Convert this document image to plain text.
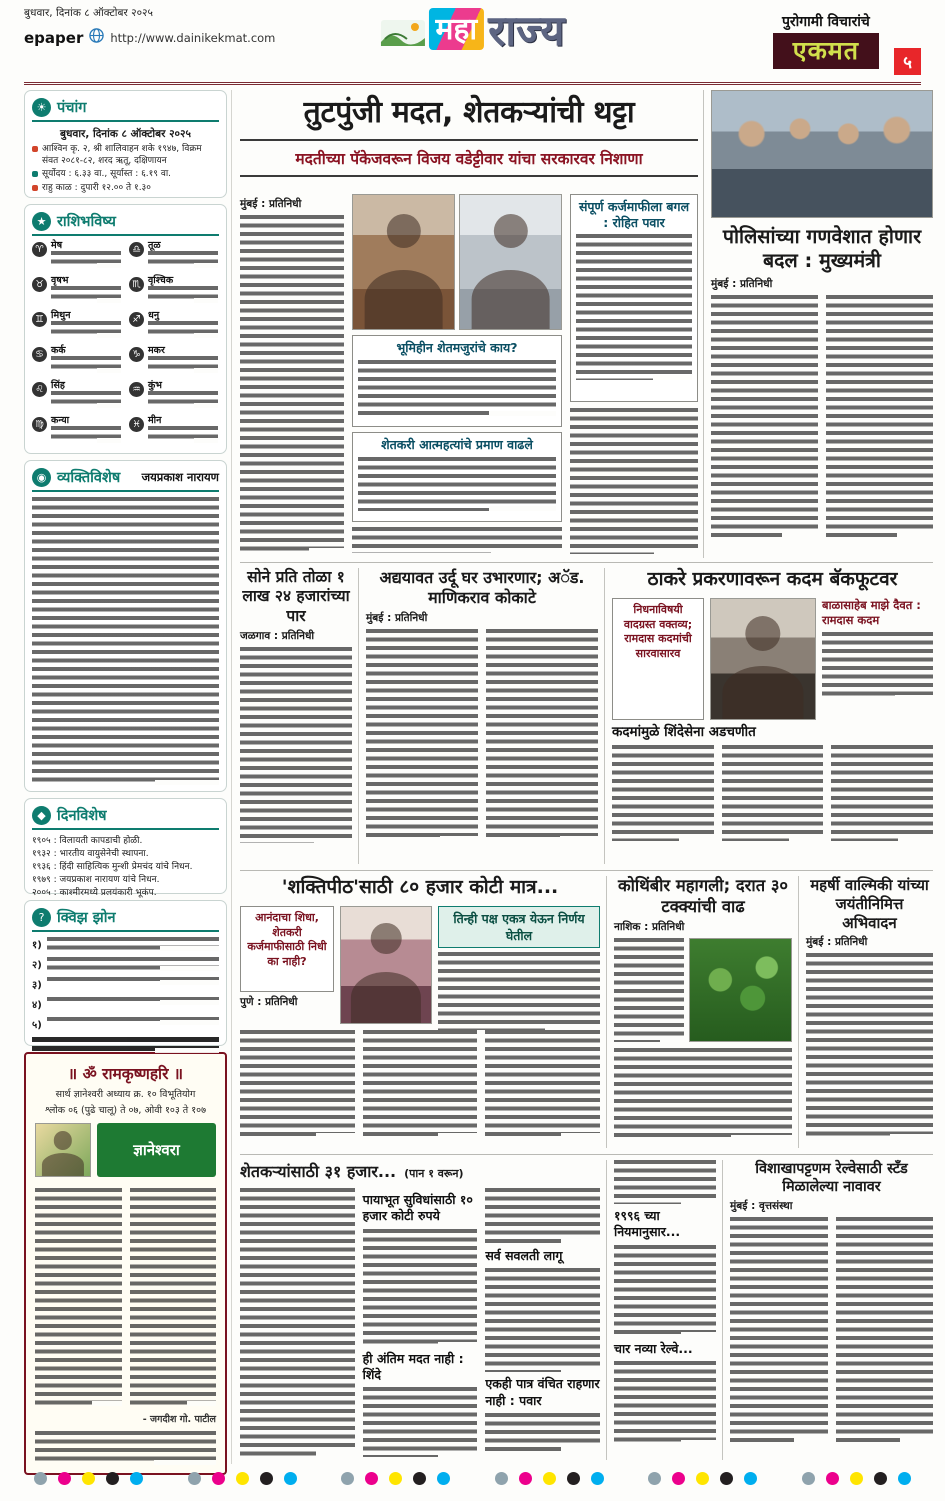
बुधवार, दिनांक ८ ऑक्टोबर २०२५
epaper http://www.dainikekmat.com	महा राज्य	पुरोगामी विचारांचे
एकमत	५
☀ पंचांग
बुधवार, दिनांक ८ ऑक्टोबर २०२५
आश्विन कृ. २, श्री शालिवाहन शके १९४७, विक्रम संवत २०८१-८२, शरद ऋतू, दक्षिणायन
सूर्योदय : ६.३३ वा., सूर्यास्त : ६.१९ वा.
राहु काळ : दुपारी १२.०० ते १.३०
★ राशिभविष्य
♈ मेष
♉ वृषभ
♊ मिथुन
♋ कर्क
♌ सिंह
♍ कन्या
♎ तूळ
♏ वृश्चिक
♐ धनु
♑ मकर
♒ कुंभ
♓ मीन
◉ व्यक्तिविशेष जयप्रकाश नारायण
◆ दिनविशेष
१९०५ : विलायती कापडाची होळी.
१९३२ : भारतीय वायुसेनेची स्थापना.
१९३६ : हिंदी साहित्यिक मुन्शी प्रेमचंद यांचे निधन.
१९७९ : जयप्रकाश नारायण यांचे निधन.
२००५ : काश्मीरमध्ये प्रलयंकारी भूकंप.
? क्विझ झोन
१)
२)
३)
४)
५)
॥ ॐ रामकृष्णहरि ॥
सार्थ ज्ञानेश्वरी अध्याय क्र. १० विभूतियोग
श्लोक ०६ (पुढे चालू) ते ०७, ओवी १०३ ते १०७
ज्ञानेश्वरा
- जगदीश गो. पाटील
तुटपुंजी मदत, शेतकऱ्यांची थट्टा
मदतीच्या पॅकेजवरून विजय वडेट्टीवार यांचा सरकारवर निशाणा
मुंबई : प्रतिनिधी
भूमिहीन शेतमजुरांचे काय?
शेतकरी आत्महत्यांचे प्रमाण वाढले
संपूर्ण कर्जमाफीला बगल : रोहित पवार
पोलिसांच्या गणवेशात होणार बदल : मुख्यमंत्री
मुंबई : प्रतिनिधी
सोने प्रति तोळा १ लाख २४ हजारांच्या पार
जळगाव : प्रतिनिधी
अद्ययावत उर्दू घर उभारणार; अॅड. माणिकराव कोकाटे
मुंबई : प्रतिनिधी
ठाकरे प्रकरणावरून कदम बॅकफूटवर
निधनाविषयी वादग्रस्त वक्तव्य; रामदास कदमांची सारवासारव
बाळासाहेब माझे दैवत : रामदास कदम
कदमांमुळे शिंदेसेना अडचणीत
'शक्तिपीठ'साठी ८० हजार कोटी मात्र...
आनंदाचा शिधा, शेतकरी कर्जमाफीसाठी निधी का नाही?
पुणे : प्रतिनिधी
तिन्ही पक्ष एकत्र येऊन निर्णय घेतील
कोथिंबीर महागली; दरात ३० टक्क्यांची वाढ
नाशिक : प्रतिनिधी
महर्षी वाल्मिकी यांच्या जयंतीनिमित्त अभिवादन
मुंबई : प्रतिनिधी
शेतकऱ्यांसाठी ३१ हजार... (पान १ वरून)
पायाभूत सुविधांसाठी १० हजार कोटी रुपये
ही अंतिम मदत नाही : शिंदे
सर्व सवलती लागू
एकही पात्र वंचित राहणार नाही : पवार
१९९६ च्या नियमानुसार...
चार नव्या रेल्वे...
विशाखापट्टणम रेल्वेसाठी स्टँड मिळालेल्या नावावर
मुंबई : वृत्तसंस्था
